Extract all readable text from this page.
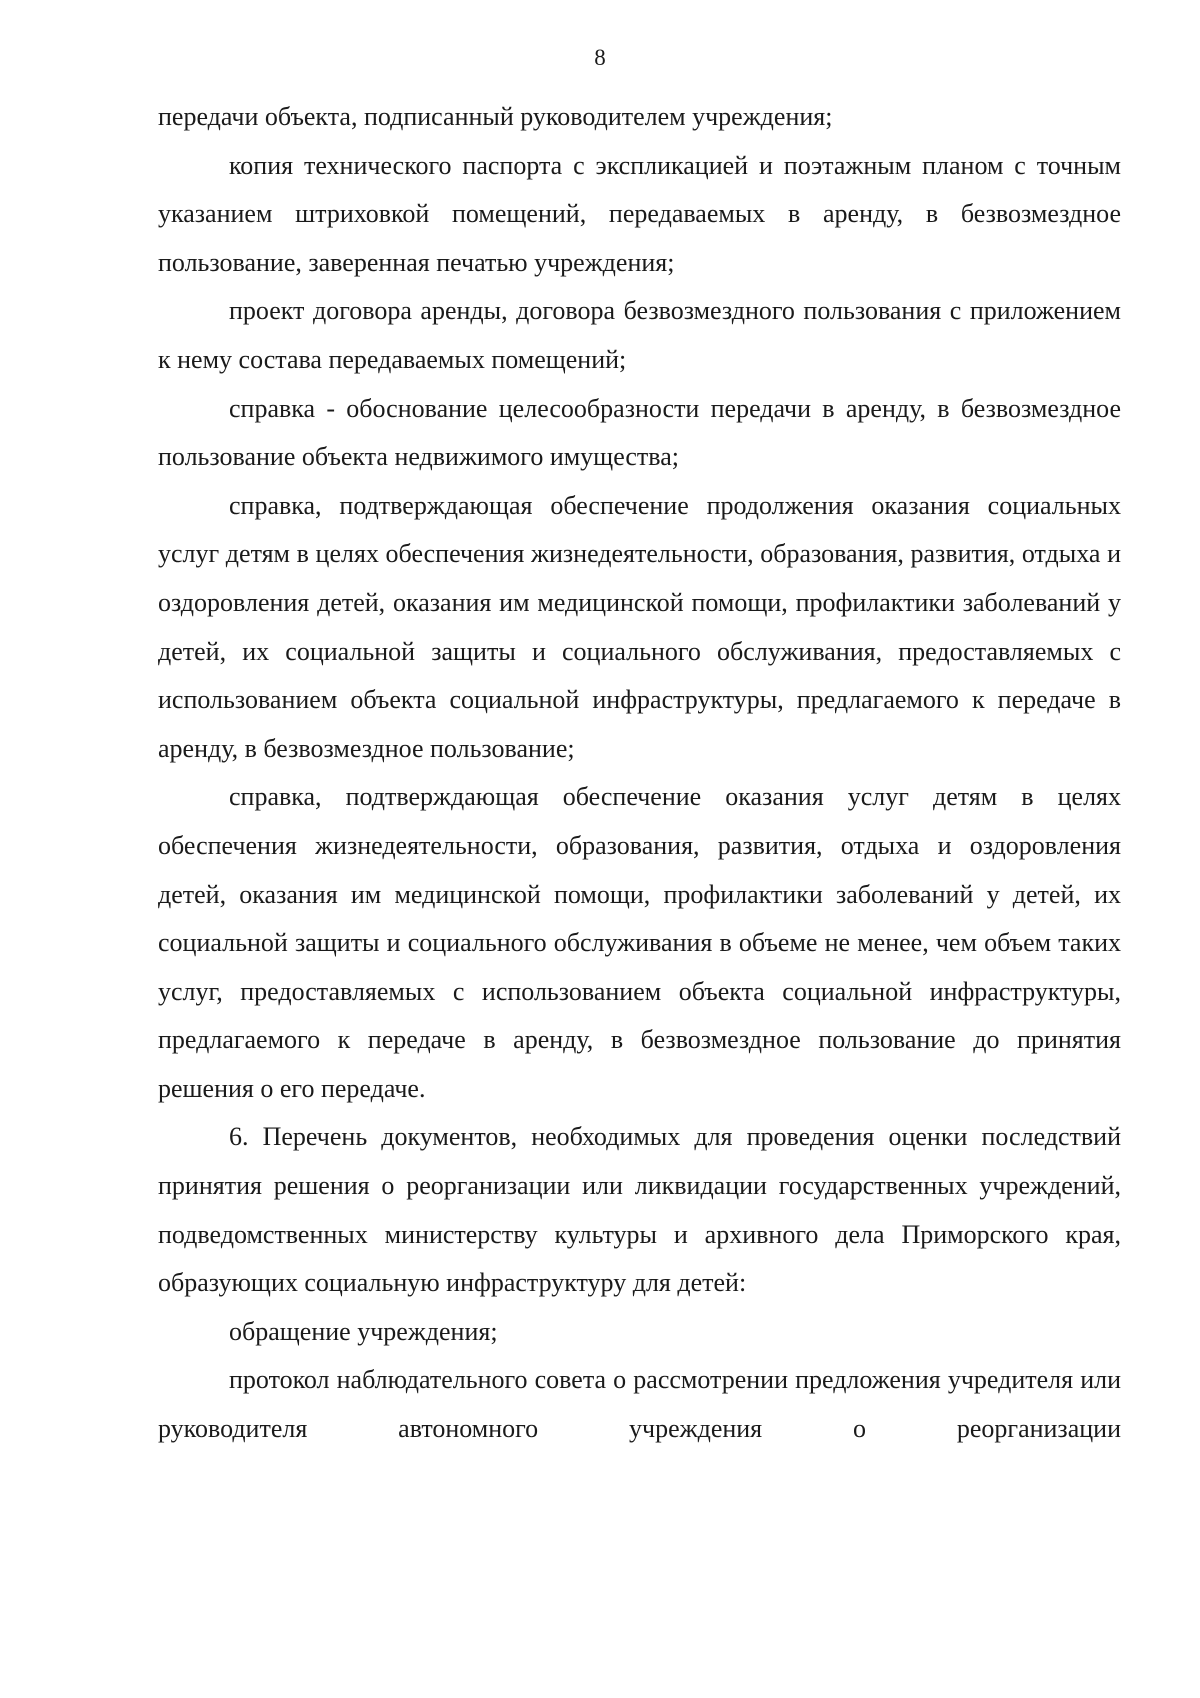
8

передачи объекта, подписанный руководителем учреждения;

копия технического паспорта с экспликацией и поэтажным планом с точным указанием штриховкой помещений, передаваемых в аренду, в безвозмездное пользование, заверенная печатью учреждения;

проект договора аренды, договора безвозмездного пользования с приложением к нему состава передаваемых помещений;

справка - обоснование целесообразности передачи в аренду, в безвозмездное пользование объекта недвижимого имущества;

справка, подтверждающая обеспечение продолжения оказания социальных услуг детям в целях обеспечения жизнедеятельности, образования, развития, отдыха и оздоровления детей, оказания им медицинской помощи, профилактики заболеваний у детей, их социальной защиты и социального обслуживания, предоставляемых с использованием объекта социальной инфраструктуры, предлагаемого к передаче в аренду, в безвозмездное пользование;

справка, подтверждающая обеспечение оказания услуг детям в целях обеспечения жизнедеятельности, образования, развития, отдыха и оздоровления детей, оказания им медицинской помощи, профилактики заболеваний у детей, их социальной защиты и социального обслуживания в объеме не менее, чем объем таких услуг, предоставляемых с использованием объекта социальной инфраструктуры, предлагаемого к передаче в аренду, в безвозмездное пользование до принятия решения о его передаче.

6. Перечень документов, необходимых для проведения оценки последствий принятия решения о реорганизации или ликвидации государственных учреждений, подведомственных министерству культуры и архивного дела Приморского края, образующих социальную инфраструктуру для детей:

обращение учреждения;

протокол наблюдательного совета о рассмотрении предложения учредителя или руководителя автономного учреждения о реорганизации
